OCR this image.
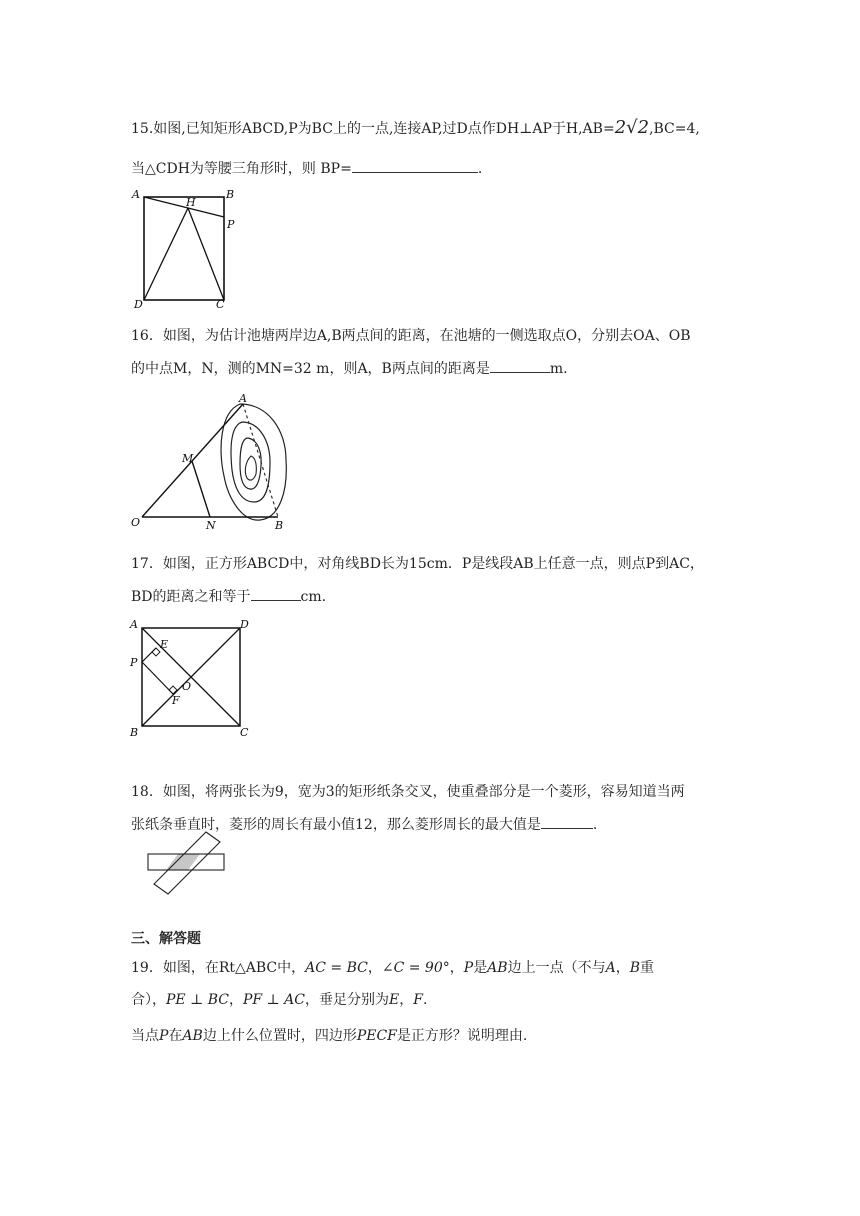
15.如图,已知矩形ABCD,P为BC上的一点,连接AP,过D点作DH⊥AP于H,AB=2√2,BC=4,
当△CDH为等腰三角形时，则 BP=	.
A	B
H
P
D	C
16．如图，为估计池塘两岸边A,B两点间的距离，在池塘的一侧选取点O，分别去OA、OB
的中点M，N，测的MN=32 m，则A，B两点间的距离是	m.
A
M
O	N	B
17．如图，正方形ABCD中，对角线BD长为15cm．P是线段AB上任意一点，则点P到AC，
BD的距离之和等于	cm.
A	D
E
P
O
F
B	C
18．如图，将两张长为9，宽为3的矩形纸条交叉，使重叠部分是一个菱形，容易知道当两
张纸条垂直时，菱形的周长有最小值12，那么菱形周长的最大值是	.
三、解答题
19．如图，在Rt△ABC中，AC = BC，∠C = 90°，P是AB边上一点（不与A，B重
合），PE ⊥ BC，PF ⊥ AC，垂足分别为E，F.
当点P在AB边上什么位置时，四边形PECF是正方形？说明理由.
